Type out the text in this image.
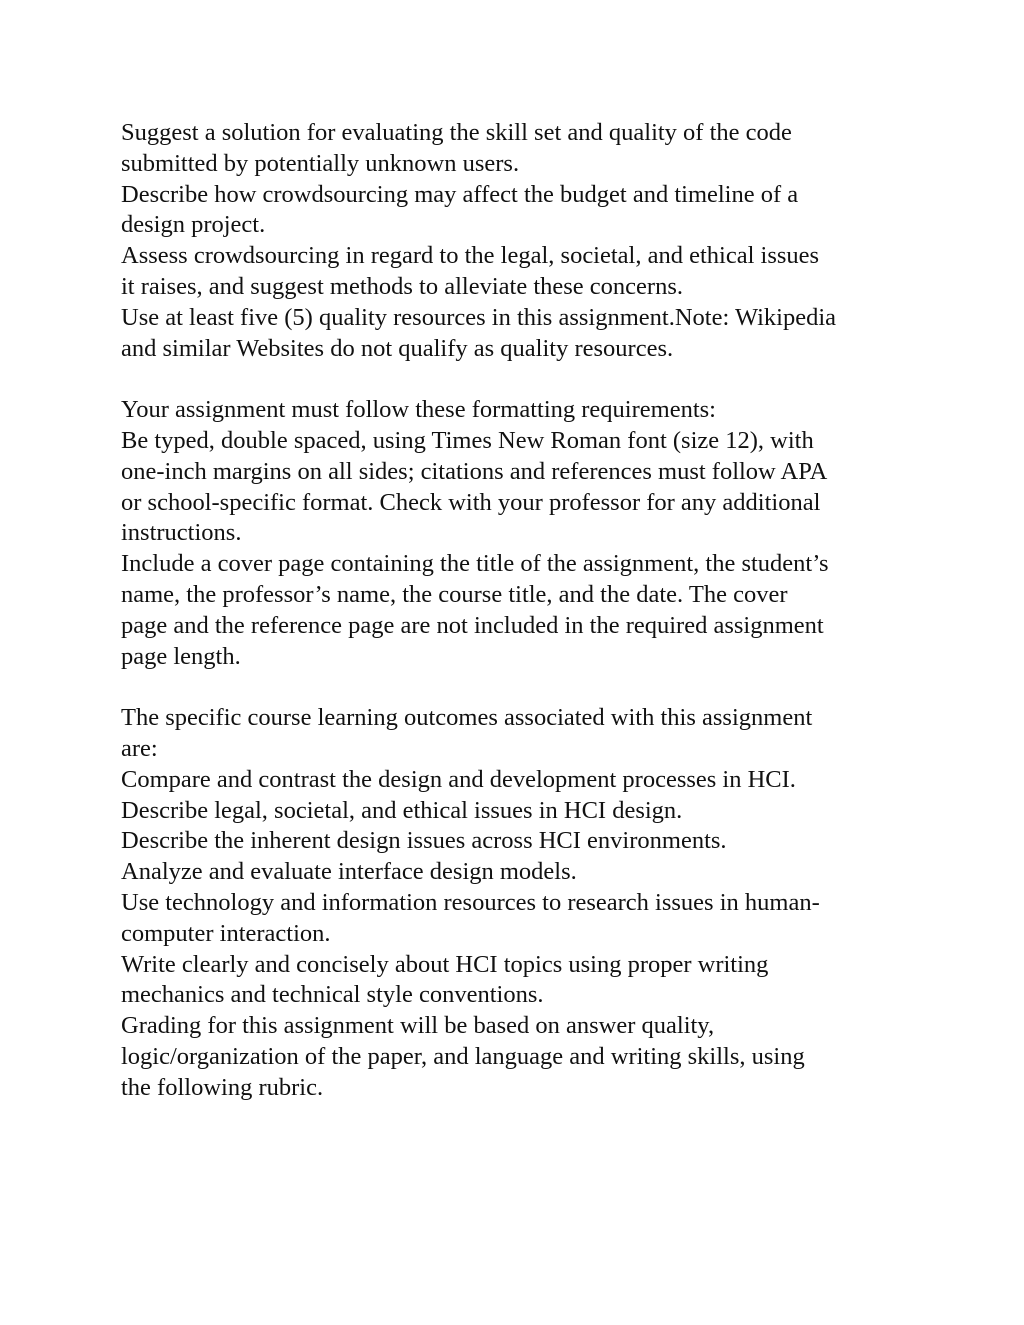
Suggest a solution for evaluating the skill set and quality of the code
submitted by potentially unknown users.
Describe how crowdsourcing may affect the budget and timeline of a
design project.
Assess crowdsourcing in regard to the legal, societal, and ethical issues
it raises, and suggest methods to alleviate these concerns.
Use at least five (5) quality resources in this assignment.Note: Wikipedia
and similar Websites do not qualify as quality resources.

Your assignment must follow these formatting requirements:
Be typed, double spaced, using Times New Roman font (size 12), with
one-inch margins on all sides; citations and references must follow APA
or school-specific format. Check with your professor for any additional
instructions.
Include a cover page containing the title of the assignment, the student’s
name, the professor’s name, the course title, and the date. The cover
page and the reference page are not included in the required assignment
page length.

The specific course learning outcomes associated with this assignment
are:
Compare and contrast the design and development processes in HCI.
Describe legal, societal, and ethical issues in HCI design.
Describe the inherent design issues across HCI environments.
Analyze and evaluate interface design models.
Use technology and information resources to research issues in human-
computer interaction.
Write clearly and concisely about HCI topics using proper writing
mechanics and technical style conventions.
Grading for this assignment will be based on answer quality,
logic/organization of the paper, and language and writing skills, using
the following rubric.
